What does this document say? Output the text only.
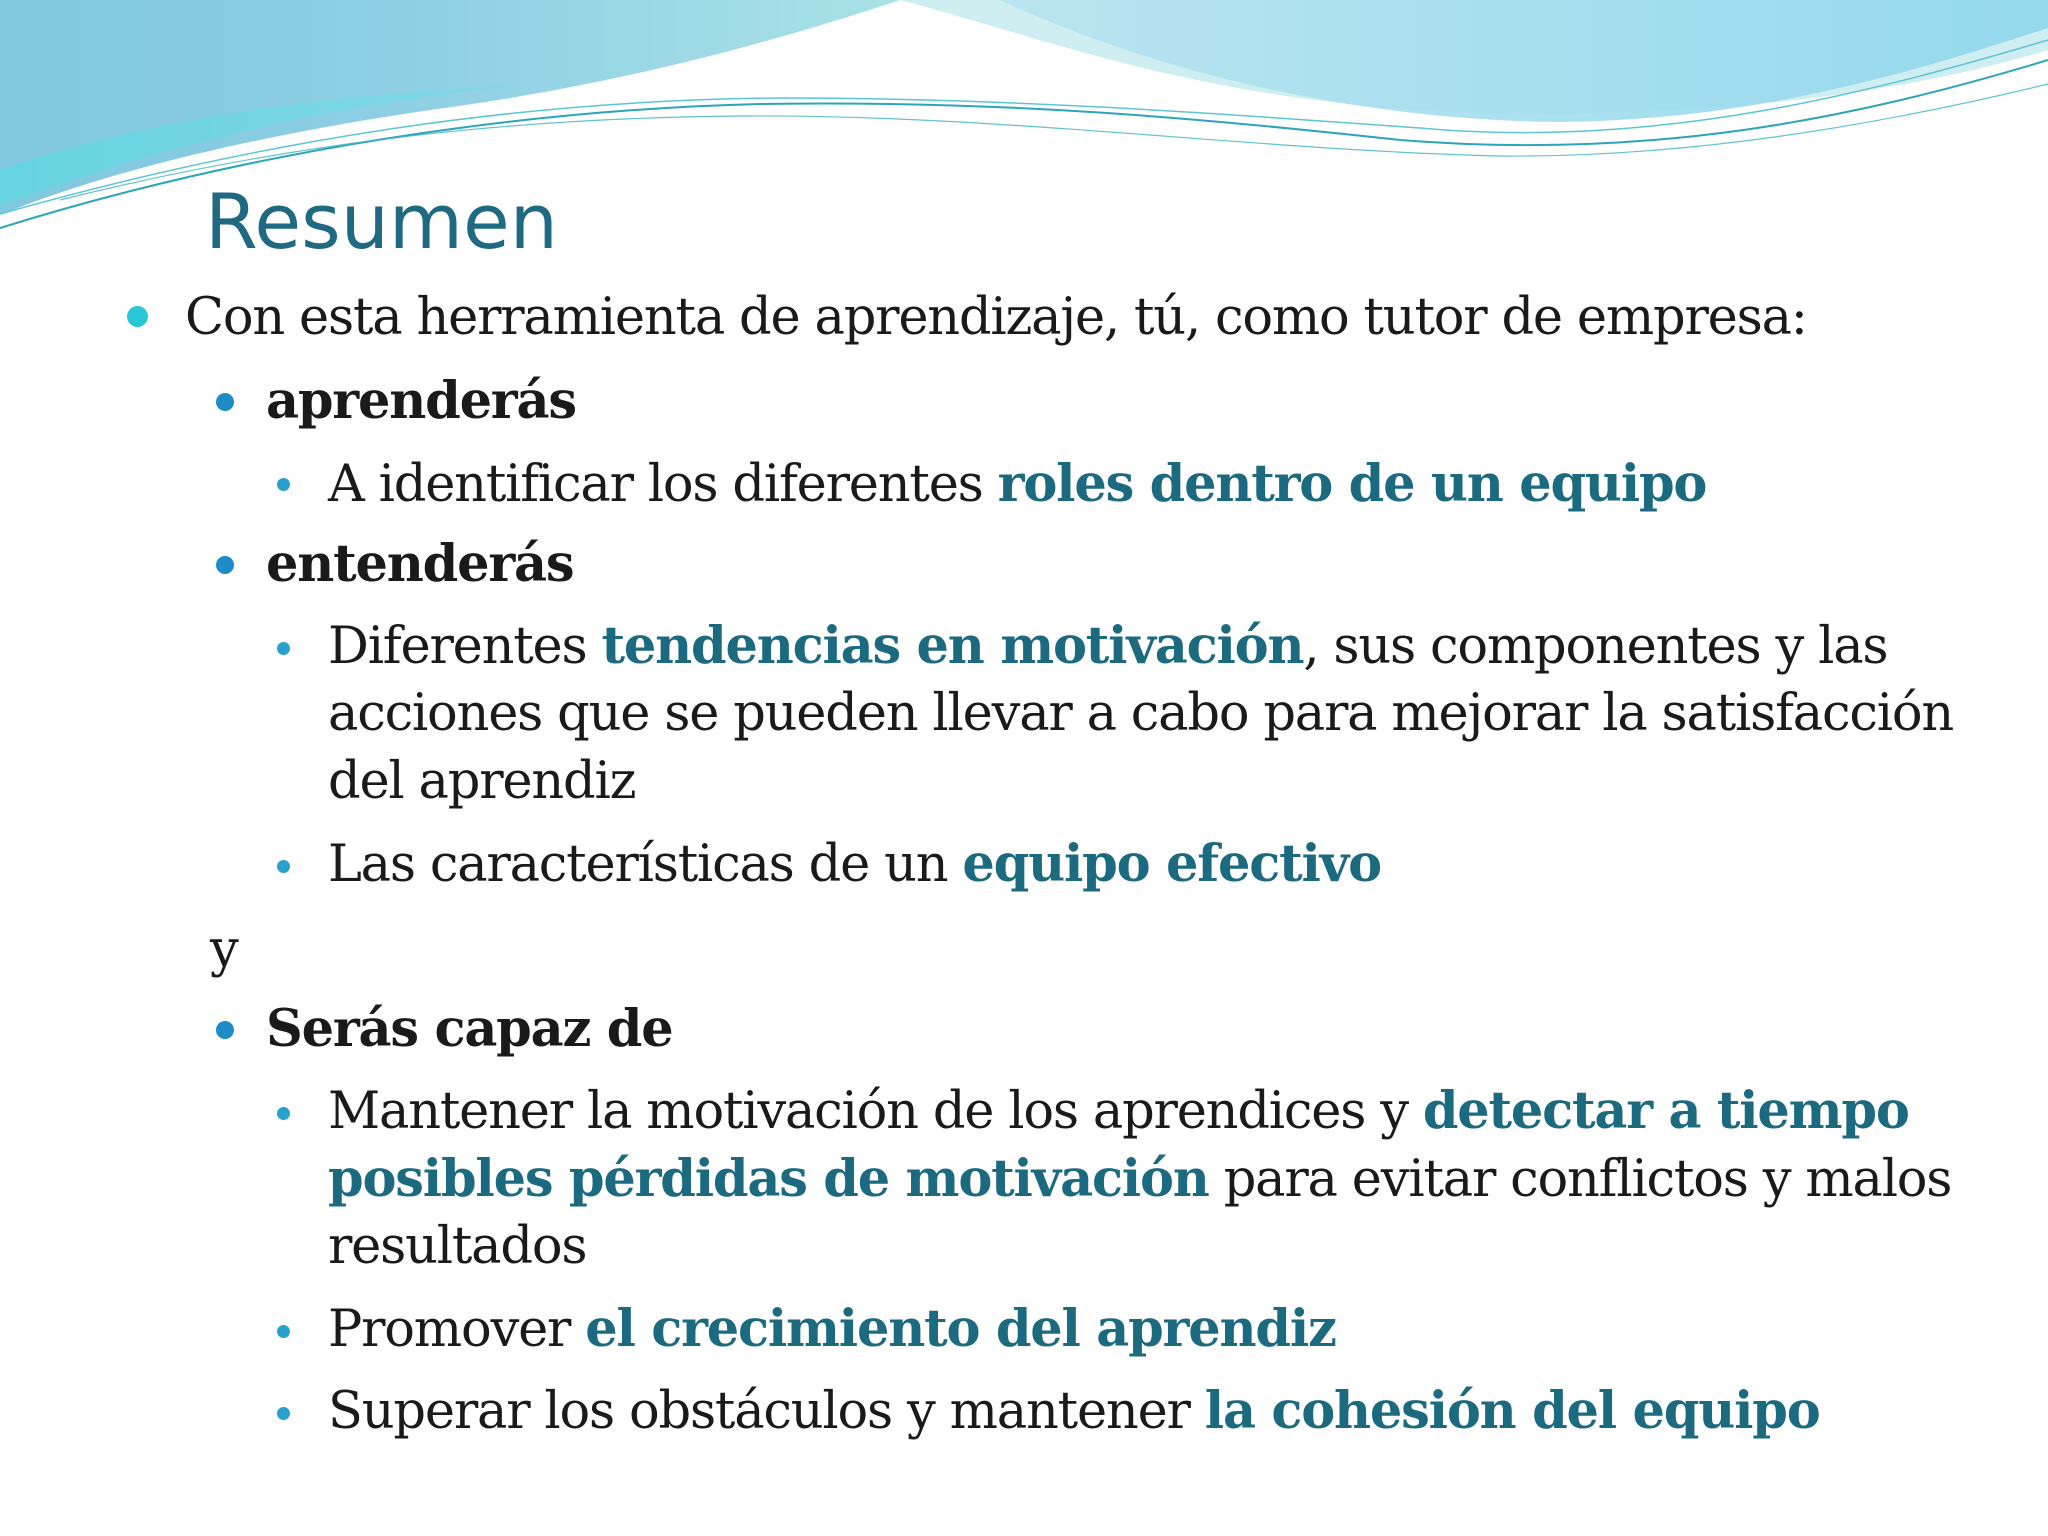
Resumen

Con esta herramienta de aprendizaje, tú, como tutor de empresa:

aprenderás

A identificar los diferentes roles dentro de un equipo

entenderás

Diferentes tendencias en motivación, sus componentes y las

acciones que se pueden llevar a cabo para mejorar la satisfacción

del aprendiz

Las características de un equipo efectivo

y

Serás capaz de

Mantener la motivación de los aprendices y detectar a tiempo

posibles pérdidas de motivación para evitar conflictos y malos

resultados

Promover el crecimiento del aprendiz

Superar los obstáculos y mantener la cohesión del equipo
